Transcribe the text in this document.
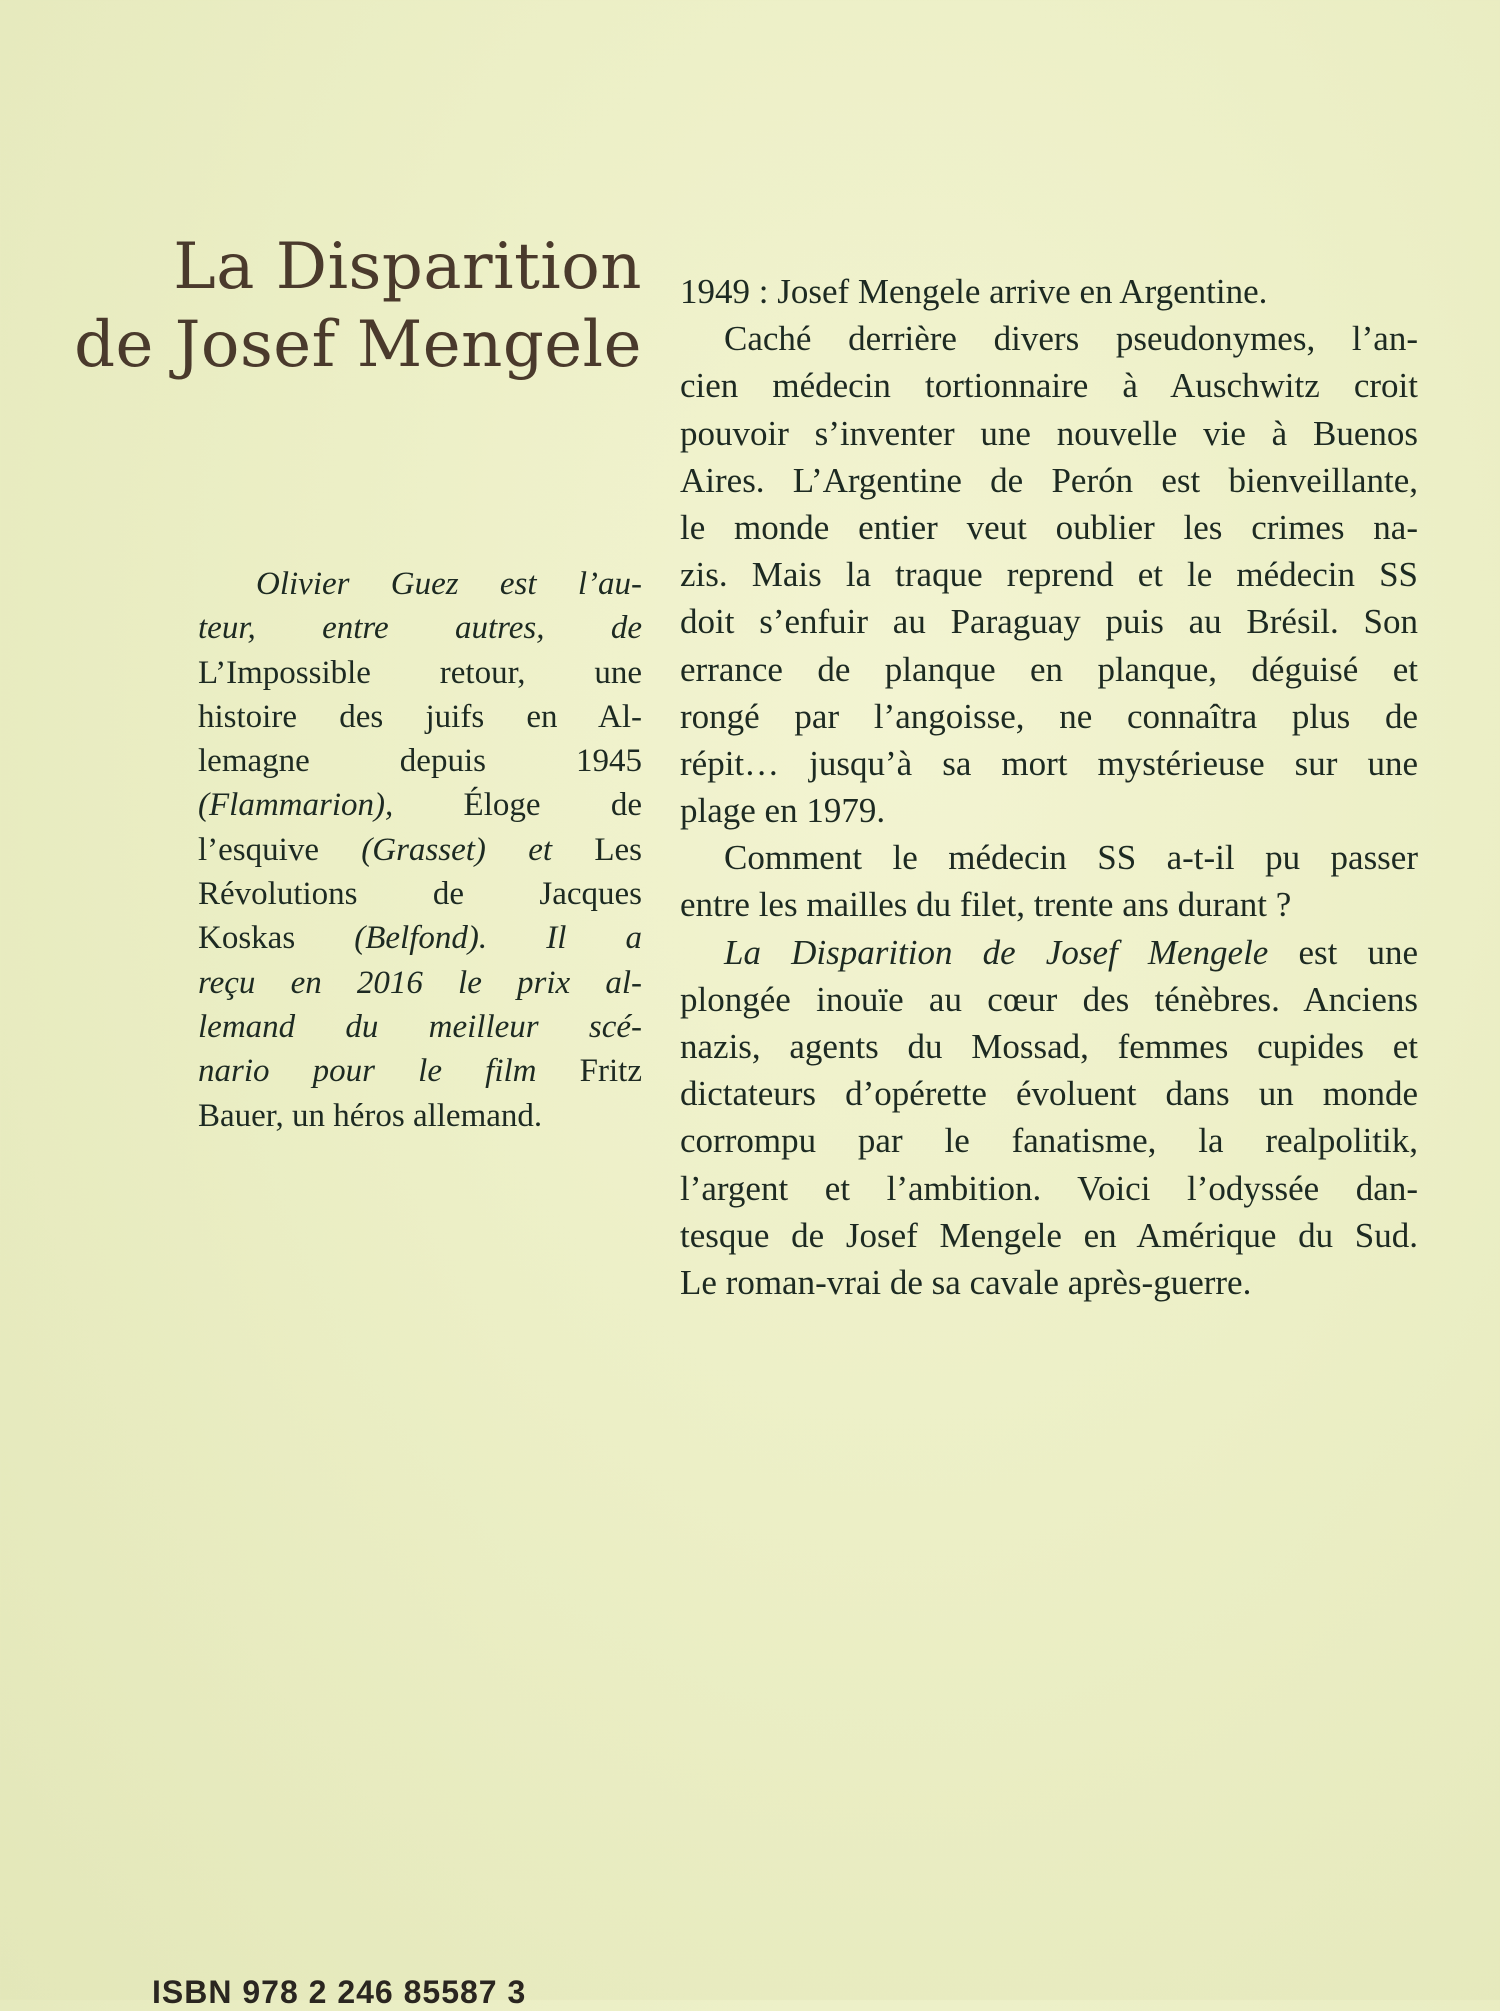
La Disparition
de Josef Mengele
Olivier Guez est l’au-
teur, entre autres, de
L’Impossible retour, une
histoire des juifs en Al-
lemagne depuis 1945
(Flammarion), Éloge de
l’esquive (Grasset) et Les
Révolutions de Jacques
Koskas (Belfond). Il a
reçu en 2016 le prix al-
lemand du meilleur scé-
nario pour le film Fritz
Bauer, un héros allemand.
1949 : Josef Mengele arrive en Argentine.
Caché derrière divers pseudonymes, l’an-
cien médecin tortionnaire à Auschwitz croit
pouvoir s’inventer une nouvelle vie à Buenos
Aires. L’Argentine de Perón est bienveillante,
le monde entier veut oublier les crimes na-
zis. Mais la traque reprend et le médecin SS
doit s’enfuir au Paraguay puis au Brésil. Son
errance de planque en planque, déguisé et
rongé par l’angoisse, ne connaîtra plus de
répit… jusqu’à sa mort mystérieuse sur une
plage en 1979.
Comment le médecin SS a-t-il pu passer
entre les mailles du filet, trente ans durant ?
La Disparition de Josef Mengele est une
plongée inouïe au cœur des ténèbres. Anciens
nazis, agents du Mossad, femmes cupides et
dictateurs d’opérette évoluent dans un monde
corrompu par le fanatisme, la realpolitik,
l’argent et l’ambition. Voici l’odyssée dan-
tesque de Josef Mengele en Amérique du Sud.
Le roman-vrai de sa cavale après-guerre.
ISBN 978 2 246 85587 3
